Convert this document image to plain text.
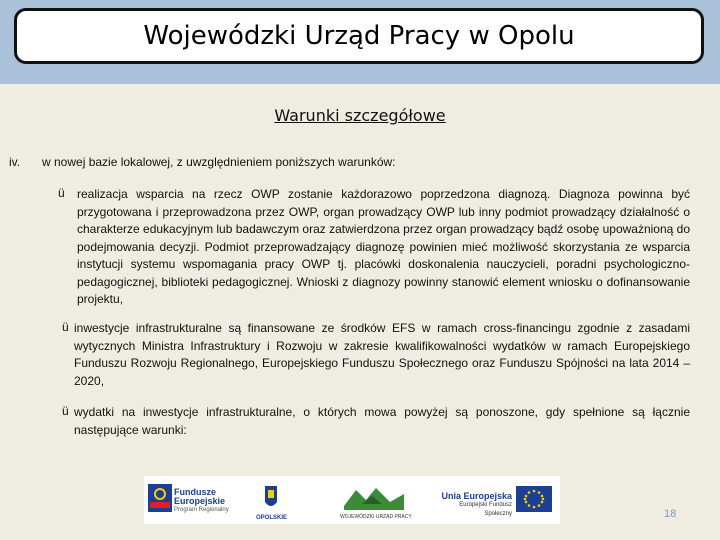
Wojewódzki Urząd Pracy w Opolu
Warunki szczegółowe
iv. w nowej bazie lokalowej, z uwzględnieniem poniższych warunków:
ü realizacja wsparcia na rzecz OWP zostanie każdorazowo poprzedzona diagnozą. Diagnoza powinna być przygotowana i przeprowadzona przez OWP, organ prowadzący OWP lub inny podmiot prowadzący działalność o charakterze edukacyjnym lub badawczym oraz zatwierdzona przez organ prowadzący bądź osobę upoważnioną do podejmowania decyzji. Podmiot przeprowadzający diagnozę powinien mieć możliwość skorzystania ze wsparcia instytucji systemu wspomagania pracy OWP tj. placówki doskonalenia nauczycieli, poradni psychologiczno-pedagogicznej, biblioteki pedagogicznej. Wnioski z diagnozy powinny stanowić element wniosku o dofinansowanie projektu,
ü inwestycje infrastrukturalne są finansowane ze środków EFS w ramach cross-financingu zgodnie z zasadami wytycznych Ministra Infrastruktury i Rozwoju w zakresie kwalifikowalności wydatków w ramach Europejskiego Funduszu Rozwoju Regionalnego, Europejskiego Funduszu Społecznego oraz Funduszu Spójności na lata 2014 – 2020,
ü wydatki na inwestycje infrastrukturalne, o których mowa powyżej są ponoszone, gdy spełnione są łącznie następujące warunki:
Fundusze
Europejskie
Program Regionalny
OPOLSKIE	WOJEWÓDZKI URZĄD PRACY
Unia Europejska
Europejski Fundusz Społeczny	18
